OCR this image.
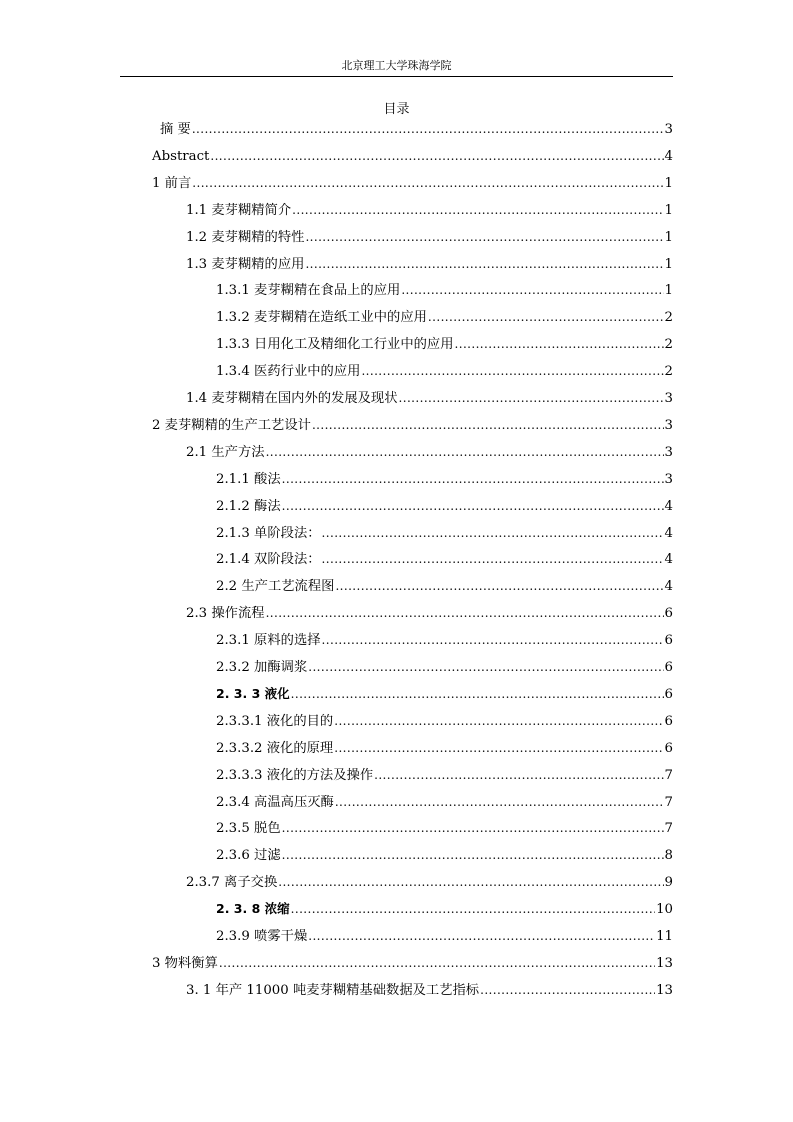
北京理工大学珠海学院
目录
摘 要 .....	3
Abstract .....	4
1 前言 .....	1
1.1 麦芽糊精简介 .....	1
1.2 麦芽糊精的特性 .....	1
1.3 麦芽糊精的应用 .....	1
1.3.1 麦芽糊精在食品上的应用 .....	1
1.3.2 麦芽糊精在造纸工业中的应用 .....	2
1.3.3 日用化工及精细化工行业中的应用 .....	2
1.3.4 医药行业中的应用 .....	2
1.4 麦芽糊精在国内外的发展及现状 .....	3
2 麦芽糊精的生产工艺设计 .....	3
2.1 生产方法 .....	3
2.1.1 酸法 .....	3
2.1.2 酶法 .....	4
2.1.3 单阶段法： .....	4
2.1.4 双阶段法： .....	4
2.2 生产工艺流程图 .....	4
2.3 操作流程 .....	6
2.3.1 原料的选择 .....	6
2.3.2 加酶调浆 .....	6
2. 3. 3 液化 .....	6
2.3.3.1 液化的目的 .....	6
2.3.3.2 液化的原理 .....	6
2.3.3.3 液化的方法及操作 .....	7
2.3.4 高温高压灭酶 .....	7
2.3.5 脱色 .....	7
2.3.6 过滤 .....	8
2.3.7 离子交换 .....	9
2. 3. 8 浓缩 .....	10
2.3.9 喷雾干燥 .....	11
3 物料衡算 .....	13
3. 1 年产 11000 吨麦芽糊精基础数据及工艺指标 .....	13
